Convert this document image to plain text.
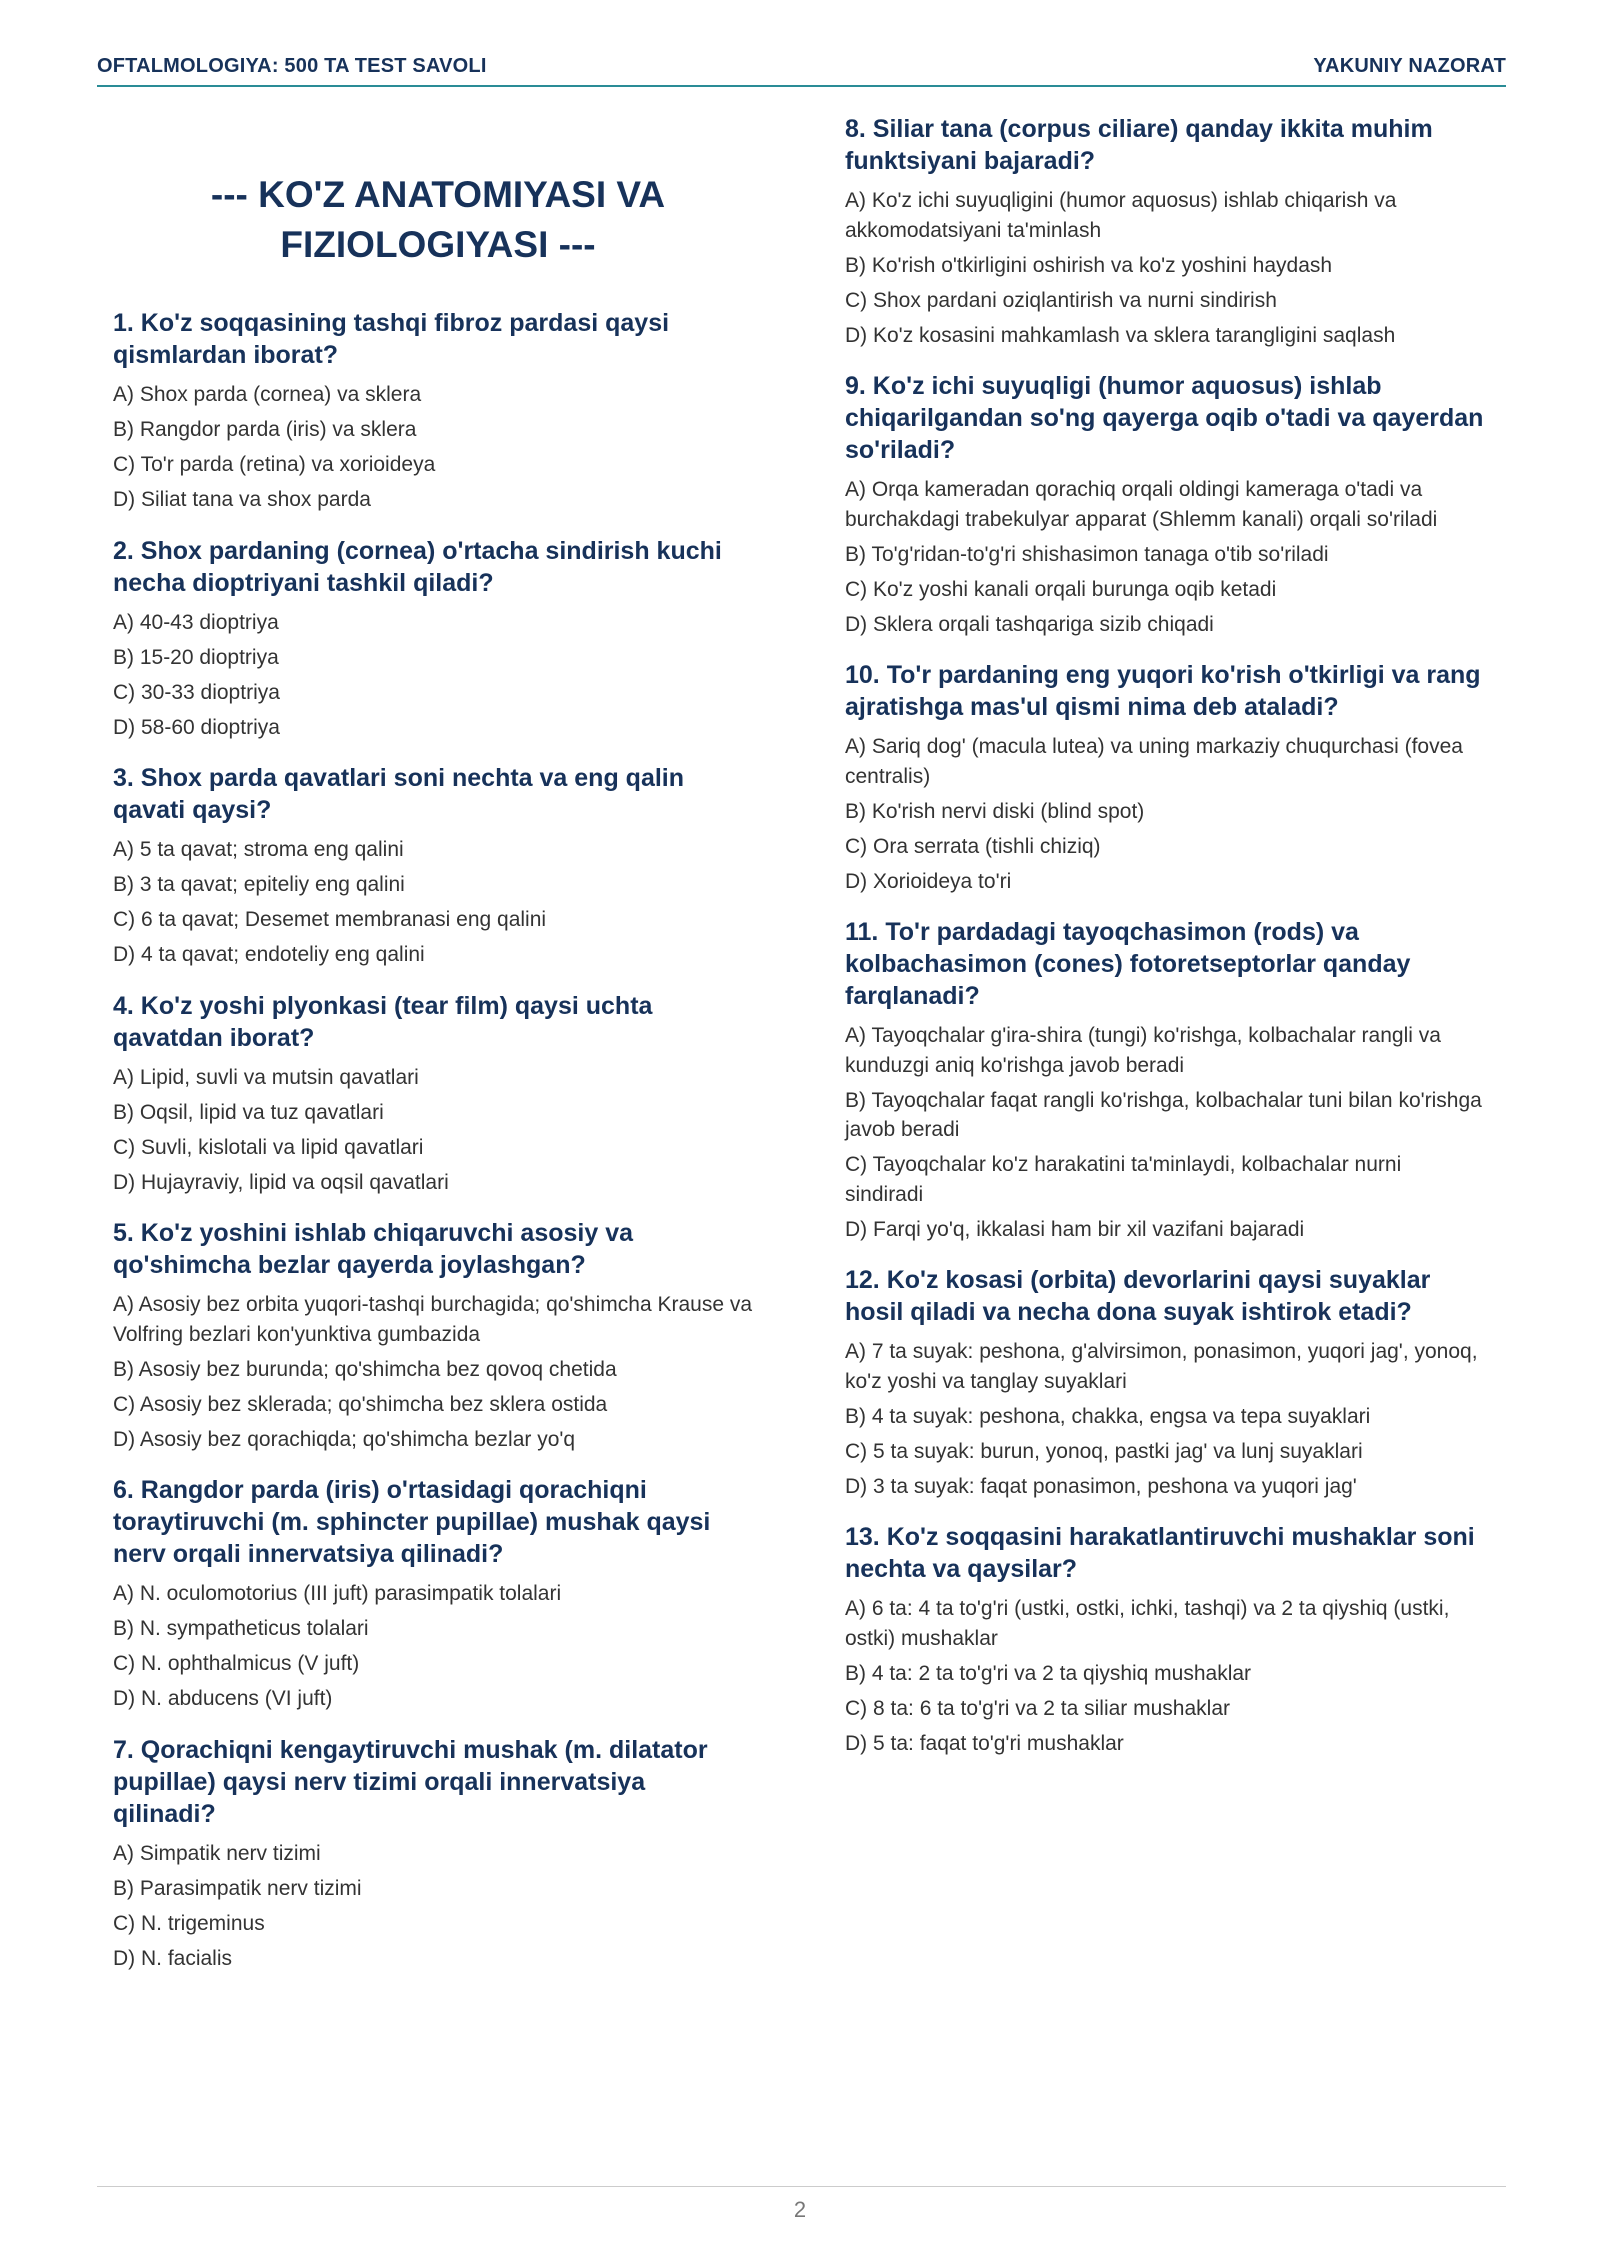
OFTALMOLOGIYA: 500 TA TEST SAVOLI	YAKUNIY NAZORAT
--- KO'Z ANATOMIYASI VA FIZIOLOGIYASI ---
1. Ko'z soqqasining tashqi fibroz pardasi qaysi qismlardan iborat?
A) Shox parda (cornea) va sklera
B) Rangdor parda (iris) va sklera
C) To'r parda (retina) va xorioideya
D) Siliat tana va shox parda
2. Shox pardaning (cornea) o'rtacha sindirish kuchi necha dioptriyani tashkil qiladi?
A) 40-43 dioptriya
B) 15-20 dioptriya
C) 30-33 dioptriya
D) 58-60 dioptriya
3. Shox parda qavatlari soni nechta va eng qalin qavati qaysi?
A) 5 ta qavat; stroma eng qalini
B) 3 ta qavat; epiteliy eng qalini
C) 6 ta qavat; Desemet membranasi eng qalini
D) 4 ta qavat; endoteliy eng qalini
4. Ko'z yoshi plyonkasi (tear film) qaysi uchta qavatdan iborat?
A) Lipid, suvli va mutsin qavatlari
B) Oqsil, lipid va tuz qavatlari
C) Suvli, kislotali va lipid qavatlari
D) Hujayraviy, lipid va oqsil qavatlari
5. Ko'z yoshini ishlab chiqaruvchi asosiy va qo'shimcha bezlar qayerda joylashgan?
A) Asosiy bez orbita yuqori-tashqi burchagida; qo'shimcha Krause va Volfring bezlari kon'yunktiva gumbazida
B) Asosiy bez burunda; qo'shimcha bez qovoq chetida
C) Asosiy bez sklerada; qo'shimcha bez sklera ostida
D) Asosiy bez qorachiqda; qo'shimcha bezlar yo'q
6. Rangdor parda (iris) o'rtasidagi qorachiqni toraytiruvchi (m. sphincter pupillae) mushak qaysi nerv orqali innervatsiya qilinadi?
A) N. oculomotorius (III juft) parasimpatik tolalari
B) N. sympatheticus tolalari
C) N. ophthalmicus (V juft)
D) N. abducens (VI juft)
7. Qorachiqni kengaytiruvchi mushak (m. dilatator pupillae) qaysi nerv tizimi orqali innervatsiya qilinadi?
A) Simpatik nerv tizimi
B) Parasimpatik nerv tizimi
C) N. trigeminus
D) N. facialis
8. Siliar tana (corpus ciliare) qanday ikkita muhim funktsiyani bajaradi?
A) Ko'z ichi suyuqligini (humor aquosus) ishlab chiqarish va akkomodatsiyani ta'minlash
B) Ko'rish o'tkirligini oshirish va ko'z yoshini haydash
C) Shox pardani oziqlantirish va nurni sindirish
D) Ko'z kosasini mahkamlash va sklera tarangligini saqlash
9. Ko'z ichi suyuqligi (humor aquosus) ishlab chiqarilgandan so'ng qayerga oqib o'tadi va qayerdan so'riladi?
A) Orqa kameradan qorachiq orqali oldingi kameraga o'tadi va burchakdagi trabekulyar apparat (Shlemm kanali) orqali so'riladi
B) To'g'ridan-to'g'ri shishasimon tanaga o'tib so'riladi
C) Ko'z yoshi kanali orqali burunga oqib ketadi
D) Sklera orqali tashqariga sizib chiqadi
10. To'r pardaning eng yuqori ko'rish o'tkirligi va rang ajratishga mas'ul qismi nima deb ataladi?
A) Sariq dog' (macula lutea) va uning markaziy chuqurchasi (fovea centralis)
B) Ko'rish nervi diski (blind spot)
C) Ora serrata (tishli chiziq)
D) Xorioideya to'ri
11. To'r pardadagi tayoqchasimon (rods) va kolbachasimon (cones) fotoretseptorlar qanday farqlanadi?
A) Tayoqchalar g'ira-shira (tungi) ko'rishga, kolbachalar rangli va kunduzgi aniq ko'rishga javob beradi
B) Tayoqchalar faqat rangli ko'rishga, kolbachalar tuni bilan ko'rishga javob beradi
C) Tayoqchalar ko'z harakatini ta'minlaydi, kolbachalar nurni sindiradi
D) Farqi yo'q, ikkalasi ham bir xil vazifani bajaradi
12. Ko'z kosasi (orbita) devorlarini qaysi suyaklar hosil qiladi va necha dona suyak ishtirok etadi?
A) 7 ta suyak: peshona, g'alvirsimon, ponasimon, yuqori jag', yonoq, ko'z yoshi va tanglay suyaklari
B) 4 ta suyak: peshona, chakka, engsa va tepa suyaklari
C) 5 ta suyak: burun, yonoq, pastki jag' va lunj suyaklari
D) 3 ta suyak: faqat ponasimon, peshona va yuqori jag'
13. Ko'z soqqasini harakatlantiruvchi mushaklar soni nechta va qaysilar?
A) 6 ta: 4 ta to'g'ri (ustki, ostki, ichki, tashqi) va 2 ta qiyshiq (ustki, ostki) mushaklar
B) 4 ta: 2 ta to'g'ri va 2 ta qiyshiq mushaklar
C) 8 ta: 6 ta to'g'ri va 2 ta siliar mushaklar
D) 5 ta: faqat to'g'ri mushaklar
2
